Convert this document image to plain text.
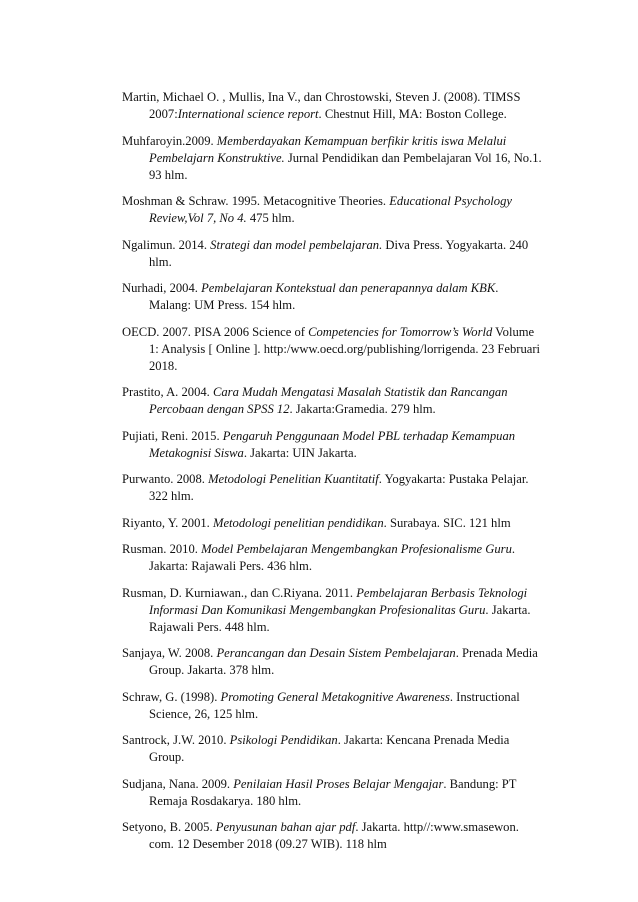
Martin, Michael O. , Mullis, Ina V., dan Chrostowski, Steven J. (2008). TIMSS 2007:International science report. Chestnut Hill, MA: Boston College.

Muhfaroyin.2009. Memberdayakan Kemampuan berfikir kritis iswa Melalui Pembelajarn Konstruktive. Jurnal Pendidikan dan Pembelajaran Vol 16, No.1. 93 hlm.

Moshman & Schraw. 1995. Metacognitive Theories. Educational Psychology Review,Vol 7, No 4. 475 hlm.

Ngalimun. 2014. Strategi dan model pembelajaran. Diva Press. Yogyakarta. 240 hlm.

Nurhadi, 2004. Pembelajaran Kontekstual dan penerapannya dalam KBK. Malang: UM Press. 154 hlm.

OECD. 2007. PISA 2006 Science of Competencies for Tomorrow’s World Volume 1: Analysis [ Online ]. http:/www.oecd.org/publishing/lorrigenda. 23 Februari 2018.

Prastito, A. 2004. Cara Mudah Mengatasi Masalah Statistik dan Rancangan Percobaan dengan SPSS 12. Jakarta:Gramedia. 279 hlm.

Pujiati, Reni. 2015. Pengaruh Penggunaan Model PBL terhadap Kemampuan Metakognisi Siswa. Jakarta: UIN Jakarta.

Purwanto. 2008. Metodologi Penelitian Kuantitatif. Yogyakarta: Pustaka Pelajar. 322 hlm.

Riyanto, Y. 2001. Metodologi penelitian pendidikan. Surabaya. SIC. 121 hlm

Rusman. 2010. Model Pembelajaran Mengembangkan Profesionalisme Guru. Jakarta: Rajawali Pers. 436 hlm.

Rusman, D. Kurniawan., dan C.Riyana. 2011. Pembelajaran Berbasis Teknologi Informasi Dan Komunikasi Mengembangkan Profesionalitas Guru. Jakarta. Rajawali Pers. 448 hlm.

Sanjaya, W. 2008. Perancangan dan Desain Sistem Pembelajaran. Prenada Media Group. Jakarta. 378 hlm.

Schraw, G. (1998). Promoting General Metakognitive Awareness. Instructional Science, 26, 125 hlm.

Santrock, J.W. 2010. Psikologi Pendidikan. Jakarta: Kencana Prenada Media Group.

Sudjana, Nana. 2009. Penilaian Hasil Proses Belajar Mengajar. Bandung: PT Remaja Rosdakarya. 180 hlm.

Setyono, B. 2005. Penyusunan bahan ajar pdf. Jakarta. http//:www.smasewon. com. 12 Desember 2018 (09.27 WIB). 118 hlm
